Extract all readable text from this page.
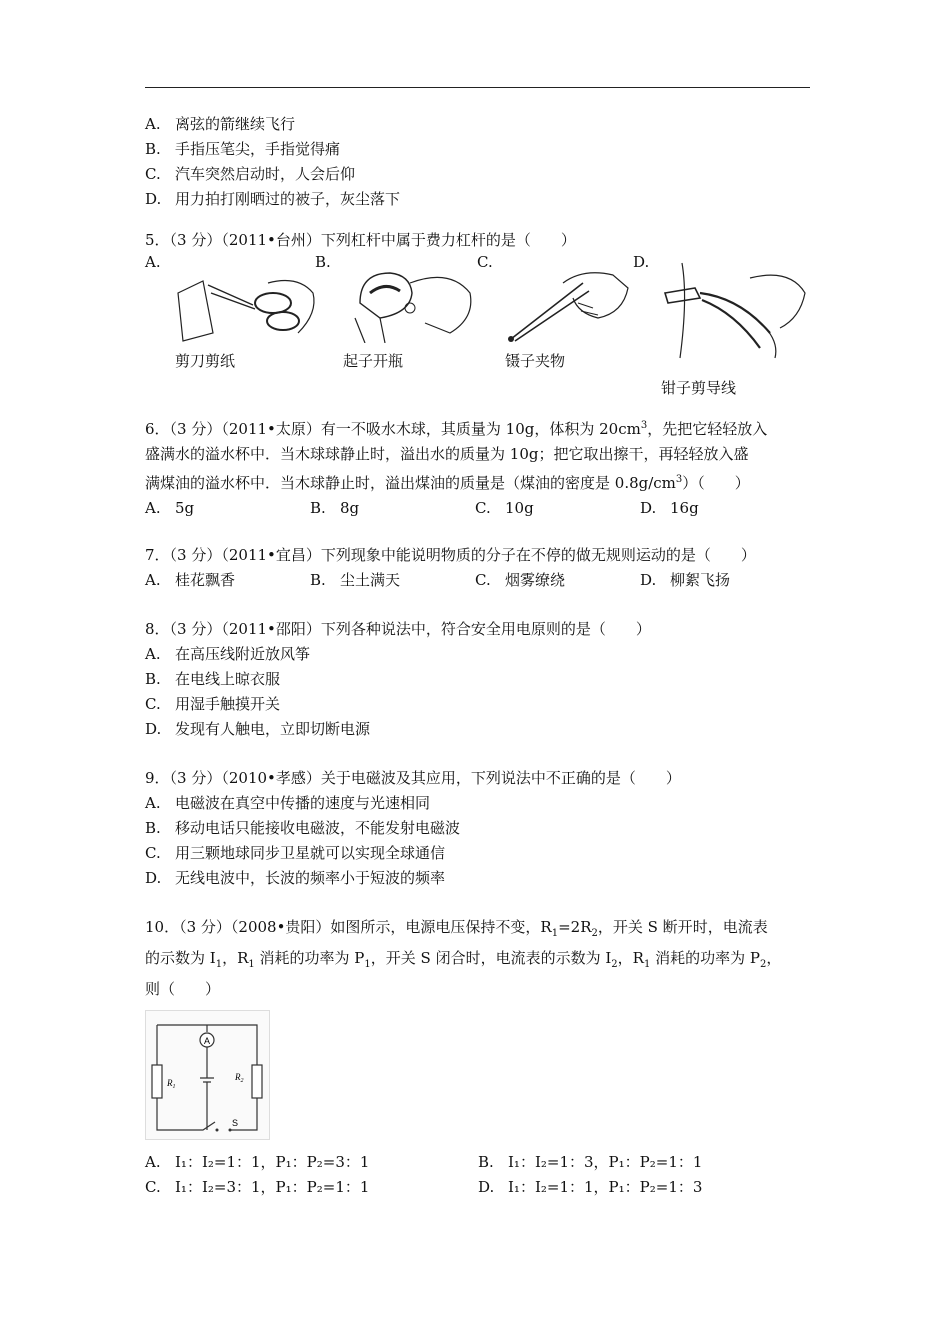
A. 离弦的箭继续飞行
B. 手指压笔尖，手指觉得痛
C. 汽车突然启动时，人会后仰
D. 用力拍打刚晒过的被子，灰尘落下
5．（3 分）（2011•台州）下列杠杆中属于费力杠杆的是（　　）
A.	B.	C.	D.
剪刀剪纸	起子开瓶	镊子夹物
钳子剪导线
6．（3 分）（2011•太原）有一不吸水木球，其质量为 10g，体积为 $20cm^3$，先把它轻轻放入
盛满水的溢水杯中．当木球球静止时，溢出水的质量为 10g；把它取出擦干，再轻轻放入盛
满煤油的溢水杯中．当木球静止时，溢出煤油的质量是（煤油的密度是 $0.8g/cm^3$）（　　）
A. 5g	B. 8g	C. 10g	D. 16g
7．（3 分）（2011•宜昌）下列现象中能说明物质的分子在不停的做无规则运动的是（　　）
A. 桂花飘香	B. 尘土满天	C. 烟雾缭绕	D. 柳絮飞扬
8．（3 分）（2011•邵阳）下列各种说法中，符合安全用电原则的是（　　）
A. 在高压线附近放风筝
B. 在电线上晾衣服
C. 用湿手触摸开关
D. 发现有人触电，立即切断电源
9．（3 分）（2010•孝感）关于电磁波及其应用，下列说法中不正确的是（　　）
A. 电磁波在真空中传播的速度与光速相同
B. 移动电话只能接收电磁波，不能发射电磁波
C. 用三颗地球同步卫星就可以实现全球通信
D. 无线电波中，长波的频率小于短波的频率
10．（3 分）（2008•贵阳）如图所示，电源电压保持不变，$R_1=2R_2$，开关 S 断开时，电流表
的示数为 $I_1$，$R_1$ 消耗的功率为 $P_1$，开关 S 闭合时，电流表的示数为 $I_2$，$R_1$ 消耗的功率为 $P_2$，
则（　　）
A
$R_1$
$R_2$
S
A. I₁：I₂=1：1，P₁：P₂=3：1	B. I₁：I₂=1：3，P₁：P₂=1：1
C. I₁：I₂=3：1，P₁：P₂=1：1	D. I₁：I₂=1：1，P₁：P₂=1：3
